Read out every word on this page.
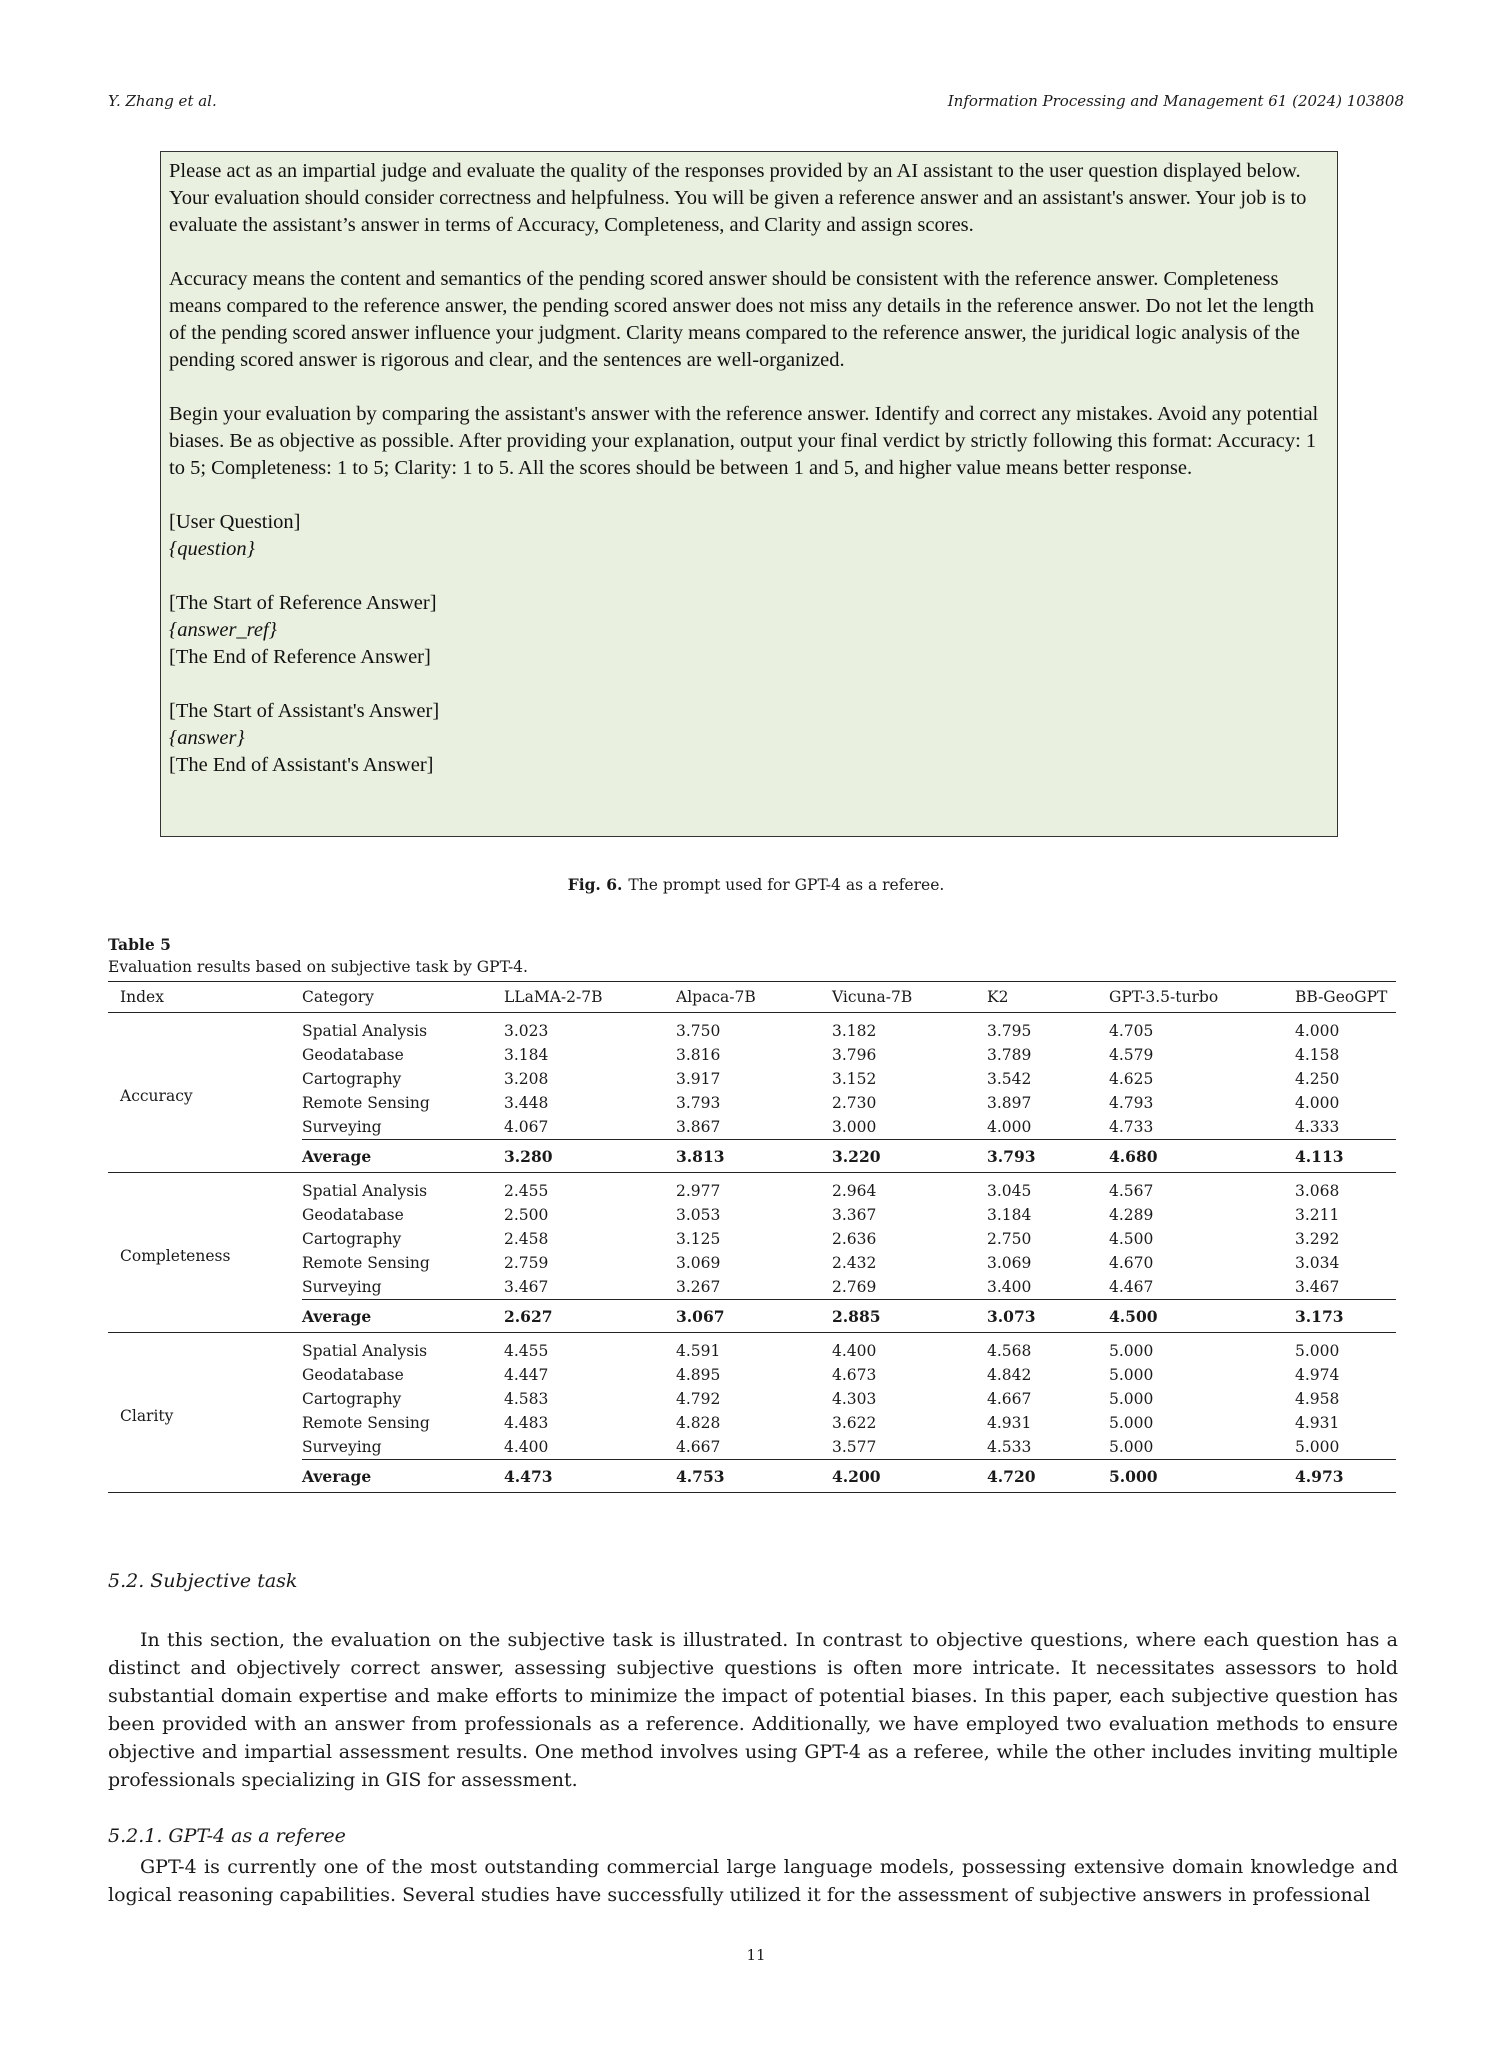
Y. Zhang et al.	Information Processing and Management 61 (2024) 103808

Please act as an impartial judge and evaluate the quality of the responses provided by an AI assistant to the user question displayed below. Your evaluation should consider correctness and helpfulness. You will be given a reference answer and an assistant's answer. Your job is to evaluate the assistant’s answer in terms of Accuracy, Completeness, and Clarity and assign scores.

Accuracy means the content and semantics of the pending scored answer should be consistent with the reference answer. Completeness means compared to the reference answer, the pending scored answer does not miss any details in the reference answer. Do not let the length of the pending scored answer influence your judgment. Clarity means compared to the reference answer, the juridical logic analysis of the pending scored answer is rigorous and clear, and the sentences are well-organized.

Begin your evaluation by comparing the assistant's answer with the reference answer. Identify and correct any mistakes. Avoid any potential biases. Be as objective as possible. After providing your explanation, output your final verdict by strictly following this format: Accuracy: 1 to 5; Completeness: 1 to 5; Clarity: 1 to 5. All the scores should be between 1 and 5, and higher value means better response.

[User Question]
{question}

[The Start of Reference Answer]
{answer_ref}
[The End of Reference Answer]

[The Start of Assistant's Answer]
{answer}
[The End of Assistant's Answer]

Fig. 6. The prompt used for GPT-4 as a referee.
Table 5
Evaluation results based on subjective task by GPT-4.
Index	Category	LLaMA-2-7B	Alpaca-7B	Vicuna-7B	K2	GPT-3.5-turbo	BB-GeoGPT
Accuracy	Spatial Analysis	3.023	3.750	3.182	3.795	4.705	4.000
	Geodatabase	3.184	3.816	3.796	3.789	4.579	4.158
	Cartography	3.208	3.917	3.152	3.542	4.625	4.250
	Remote Sensing	3.448	3.793	2.730	3.897	4.793	4.000
	Surveying	4.067	3.867	3.000	4.000	4.733	4.333
	Average	3.280	3.813	3.220	3.793	4.680	4.113
Completeness	Spatial Analysis	2.455	2.977	2.964	3.045	4.567	3.068
	Geodatabase	2.500	3.053	3.367	3.184	4.289	3.211
	Cartography	2.458	3.125	2.636	2.750	4.500	3.292
	Remote Sensing	2.759	3.069	2.432	3.069	4.670	3.034
	Surveying	3.467	3.267	2.769	3.400	4.467	3.467
	Average	2.627	3.067	2.885	3.073	4.500	3.173
Clarity	Spatial Analysis	4.455	4.591	4.400	4.568	5.000	5.000
	Geodatabase	4.447	4.895	4.673	4.842	5.000	4.974
	Cartography	4.583	4.792	4.303	4.667	5.000	4.958
	Remote Sensing	4.483	4.828	3.622	4.931	5.000	4.931
	Surveying	4.400	4.667	3.577	4.533	5.000	5.000
	Average	4.473	4.753	4.200	4.720	5.000	4.973
5.2. Subjective task
In this section, the evaluation on the subjective task is illustrated. In contrast to objective questions, where each question has a distinct and objectively correct answer, assessing subjective questions is often more intricate. It necessitates assessors to hold substantial domain expertise and make efforts to minimize the impact of potential biases. In this paper, each subjective question has been provided with an answer from professionals as a reference. Additionally, we have employed two evaluation methods to ensure objective and impartial assessment results. One method involves using GPT-4 as a referee, while the other includes inviting multiple professionals specializing in GIS for assessment.
5.2.1. GPT-4 as a referee
GPT-4 is currently one of the most outstanding commercial large language models, possessing extensive domain knowledge and logical reasoning capabilities. Several studies have successfully utilized it for the assessment of subjective answers in professional
11
